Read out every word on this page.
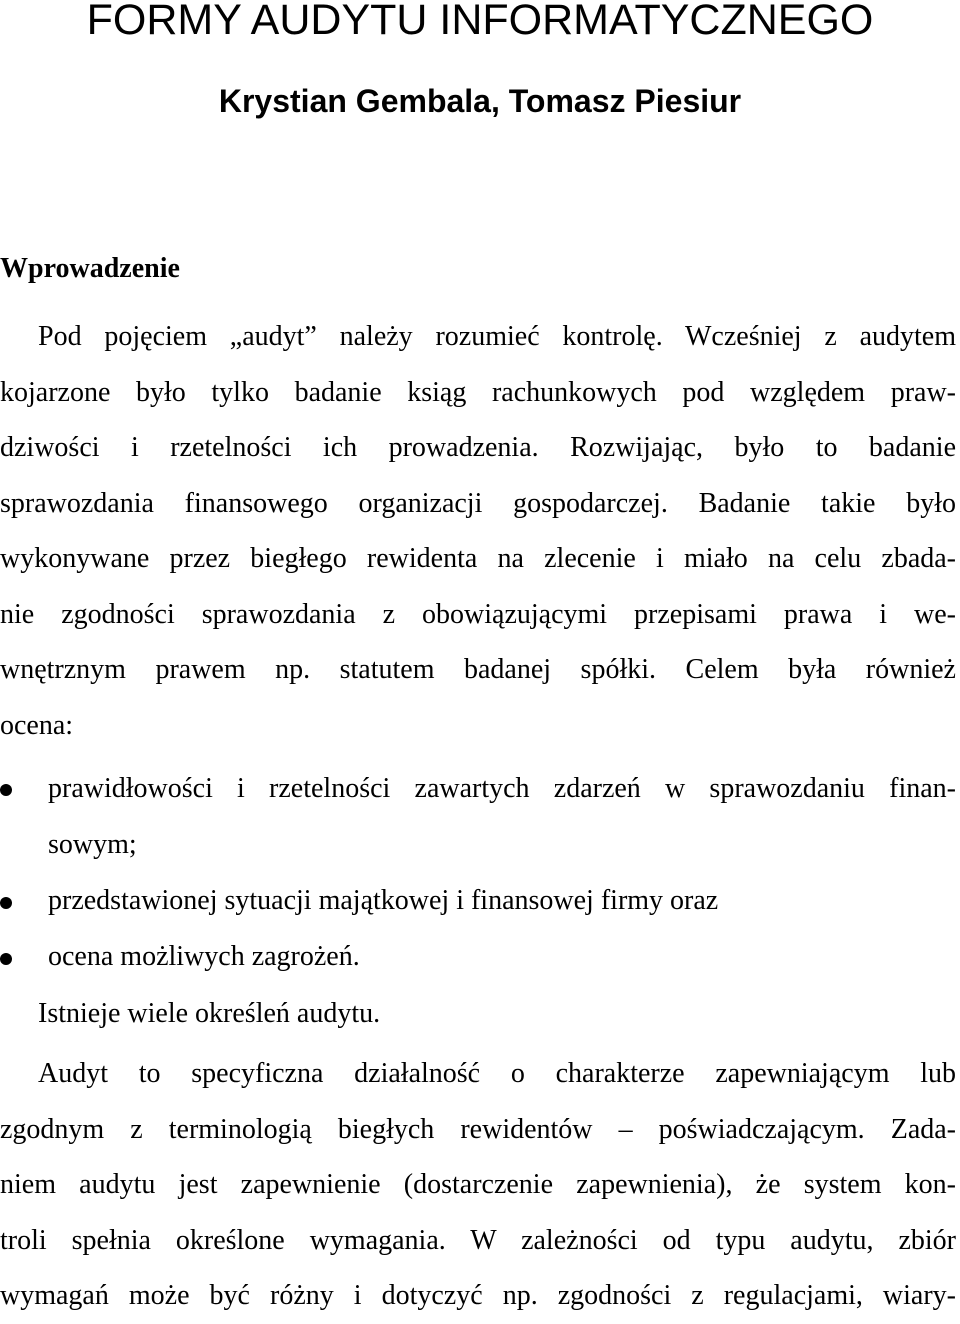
FORMY AUDYTU INFORMATYCZNEGO
Krystian Gembala, Tomasz Piesiur
Wprowadzenie
Pod pojęciem „audyt” należy rozumieć kontrolę. Wcześniej z audytem
kojarzone było tylko badanie ksiąg rachunkowych pod względem praw-
dziwości i rzetelności ich prowadzenia. Rozwijając, było to badanie
sprawozdania finansowego organizacji gospodarczej. Badanie takie było
wykonywane przez biegłego rewidenta na zlecenie i miało na celu zbada-
nie zgodności sprawozdania z obowiązującymi przepisami prawa i we-
wnętrznym prawem np. statutem badanej spółki. Celem była również
ocena:
prawidłowości i rzetelności zawartych zdarzeń w sprawozdaniu finan-
sowym;
przedstawionej sytuacji majątkowej i finansowej firmy oraz
ocena możliwych zagrożeń.

Istnieje wiele określeń audytu.

Audyt to specyficzna działalność o charakterze zapewniającym lub
zgodnym z terminologią biegłych rewidentów – poświadczającym. Zada-
niem audytu jest zapewnienie (dostarczenie zapewnienia), że system kon-
troli spełnia określone wymagania. W zależności od typu audytu, zbiór
wymagań może być różny i dotyczyć np. zgodności z regulacjami, wiary-
